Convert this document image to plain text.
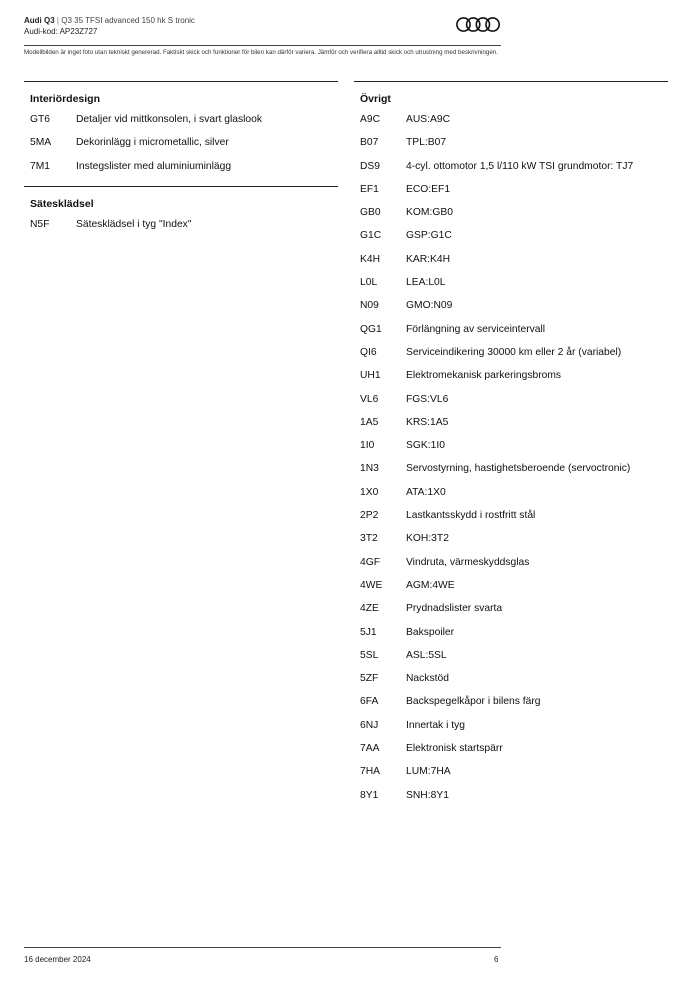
Audi Q3 | Q3 35 TFSI advanced 150 hk S tronic
Audi-kod: AP23Z727
Modellbilden är inget foto utan tekniskt genererad. Faktiskt skick och funktioner för bilen kan därför variera. Jämför och verifiera alltid skick och utrustning med beskrivningen.
Interiördesign
GT6	Detaljer vid mittkonsolen, i svart glaslook
5MA	Dekorinlägg i micrometallic, silver
7M1	Instegslister med aluminiuminlägg
Sätesklädsel
N5F	Säteskl​ädsel i tyg "Index"
Övrigt
A9C	AUS:A9C
B07	TPL:B07
DS9	4-cyl. ottomotor 1,5 l/110 kW TSI grundmotor: TJ7
EF1	ECO:EF1
GB0	KOM:GB0
G1C	GSP:G1C
K4H	KAR:K4H
L0L	LEA:L0L
N09	GMO:N09
QG1	Förlängning av serviceintervall
QI6	Serviceindikering 30000 km eller 2 år (variabel)
UH1	Elektromekanisk parkeringsbroms
VL6	FGS:VL6
1A5	KRS:1A5
1I0	SGK:1I0
1N3	Servostyrning, hastighetsberoende (servoctronic)
1X0	ATA:1X0
2P2	Lastkantsskydd i rostfritt stål
3T2	KOH:3T2
4GF	Vindruta, värmeskyddsglas
4WE	AGM:4WE
4ZE	Prydnadslister svarta
5J1	Bakspoiler
5SL	ASL:5SL
5ZF	Nackstöd
6FA	Backspegelkåpor i bilens färg
6NJ	Innertak i tyg
7AA	Elektronisk startspärr
7HA	LUM:7HA
8Y1	SNH:8Y1
16 december 2024	6
